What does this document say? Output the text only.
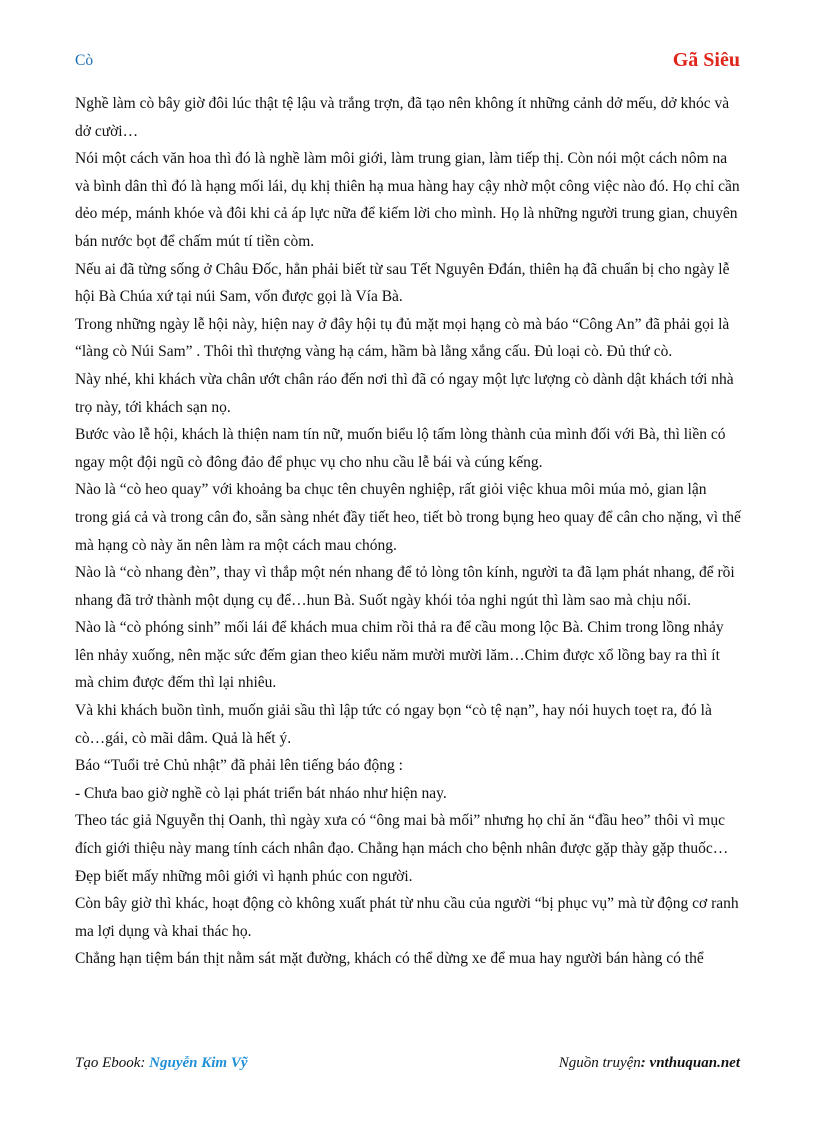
Cò	Gã Siêu

Nghề làm cò bây giờ đôi lúc thật tệ lậu và trắng trợn, đã tạo nên không ít những cảnh dở mếu, dở khóc và dở cười…

Nói một cách văn hoa thì đó là nghề làm môi giới, làm trung gian, làm tiếp thị. Còn nói một cách nôm na và bình dân thì đó là hạng mối lái, dụ khị thiên hạ mua hàng hay cậy nhờ một công việc nào đó. Họ chỉ cần dẻo mép, mánh khóe và đôi khi cả áp lực nữa để kiếm lời cho mình. Họ là những người trung gian, chuyên bán nước bọt để chấm mút tí tiền còm.

Nếu ai đã từng sống ở Châu Đốc, hẳn phải biết từ sau Tết Nguyên Đđán, thiên hạ đã chuẩn bị cho ngày lễ hội Bà Chúa xứ tại núi Sam, vốn được gọi là Vía Bà.

Trong những ngày lễ hội này, hiện nay ở đây hội tụ đủ mặt mọi hạng cò mà báo “Công An” đã phải gọi là “làng cò Núi Sam” . Thôi thì thượng vàng hạ cám, hầm bà lằng xắng cấu. Đủ loại cò. Đủ thứ cò.

Này nhé, khi khách vừa chân ướt chân ráo đến nơi thì đã có ngay một lực lượng cò dành dật khách tới nhà trọ này, tới khách sạn nọ.

Bước vào lễ hội, khách là thiện nam tín nữ, muốn biểu lộ tấm lòng thành của mình đối với Bà, thì liền có ngay một đội ngũ cò đông đảo để phục vụ cho nhu cầu lễ bái và cúng kếng.

Nào là “cò heo quay” với khoảng ba chục tên chuyên nghiệp, rất giỏi việc khua môi múa mỏ, gian lận trong giá cả và trong cân đo, sẵn sàng nhét đầy tiết heo, tiết bò trong bụng heo quay để cân cho nặng, vì thế mà hạng cò này ăn nên làm ra một cách mau chóng.

Nào là “cò nhang đèn”, thay vì thắp một nén nhang để tỏ lòng tôn kính, người ta đã lạm phát nhang, để rồi nhang đã trở thành một dụng cụ để…hun Bà. Suốt ngày khói tỏa nghi ngút thì làm sao mà chịu nổi.

Nào là “cò phóng sinh” mối lái để khách mua chim rồi thả ra để cầu mong lộc Bà. Chim trong lồng nhảy lên nhảy xuống, nên mặc sức đếm gian theo kiểu năm mười mười lăm…Chim được xổ lồng bay ra thì ít mà chim được đếm thì lại nhiêu.

Và khi khách buồn tình, muốn giải sầu thì lập tức có ngay bọn “cò tệ nạn”, hay nói huych toẹt ra, đó là cò…gái, cò mãi dâm. Quả là hết ý.

Báo “Tuổi trẻ Chủ nhật” đã phải lên tiếng báo động :

- Chưa bao giờ nghề cò lại phát triển bát nháo như hiện nay.

Theo tác giả Nguyễn thị Oanh, thì ngày xưa có “ông mai bà mối” nhưng họ chỉ ăn “đầu heo” thôi vì mục đích giới thiệu này mang tính cách nhân đạo. Chẳng hạn mách cho bệnh nhân được gặp thày gặp thuốc…Đẹp biết mấy những môi giới vì hạnh phúc con người.

Còn bây giờ thì khác, hoạt động cò không xuất phát từ nhu cầu của người “bị phục vụ” mà từ động cơ ranh ma lợi dụng và khai thác họ.

Chẳng hạn tiệm bán thịt nằm sát mặt đường, khách có thể dừng xe để mua hay người bán hàng có thể

Tạo Ebook: Nguyễn Kim Vỹ	Nguồn truyện: vnthuquan.net
